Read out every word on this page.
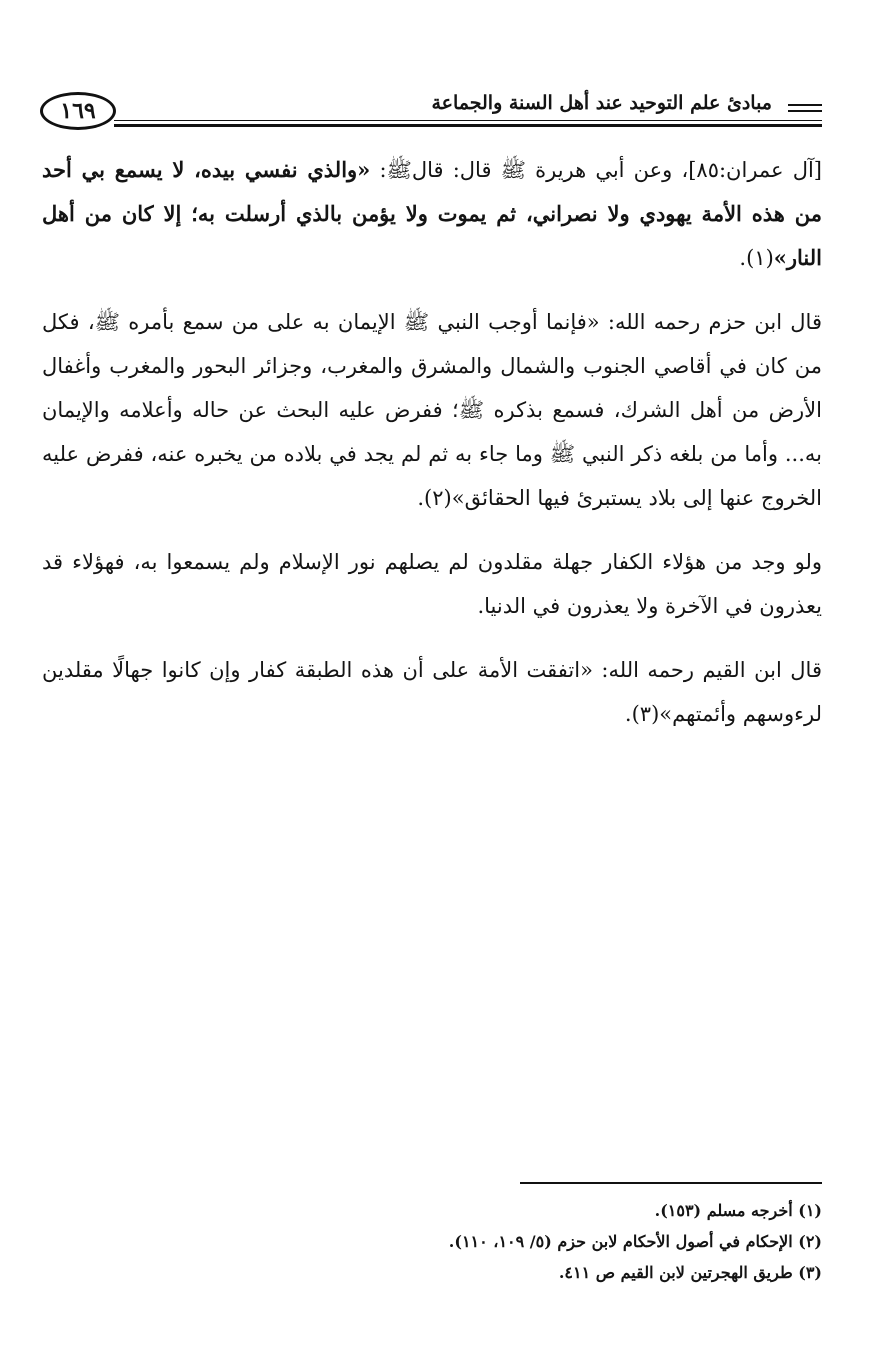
١٦٩	مبادئ علم التوحيد عند أهل السنة والجماعة

[آل عمران:٨٥]، وعن أبي هريرة ﷺ قال: قالﷺ: «والذي نفسي بيده، لا يسمع بي أحد من هذه الأمة يهودي ولا نصراني، ثم يموت ولا يؤمن بالذي أرسلت به؛ إلا كان من أهل النار»(١).

قال ابن حزم رحمه الله: «فإنما أوجب النبي ﷺ الإيمان به على من سمع بأمره ﷺ، فكل من كان في أقاصي الجنوب والشمال والمشرق والمغرب، وجزائر البحور والمغرب وأغفال الأرض من أهل الشرك، فسمع بذكره ﷺ؛ ففرض عليه البحث عن حاله وأعلامه والإيمان به... وأما من بلغه ذكر النبي ﷺ وما جاء به ثم لم يجد في بلاده من يخبره عنه، ففرض عليه الخروج عنها إلى بلاد يستبرئ فيها الحقائق»(٢).

ولو وجد من هؤلاء الكفار جهلة مقلدون لم يصلهم نور الإسلام ولم يسمعوا به، فهؤلاء قد يعذرون في الآخرة ولا يعذرون في الدنيا.

قال ابن القيم رحمه الله: «اتفقت الأمة على أن هذه الطبقة كفار وإن كانوا جهالًا مقلدين لرءوسهم وأئمتهم»(٣).

(١) أخرجه مسلم (١٥٣).
(٢) الإحكام في أصول الأحكام لابن حزم (٥/ ١٠٩، ١١٠).
(٣) طريق الهجرتين لابن القيم ص ٤١١.
